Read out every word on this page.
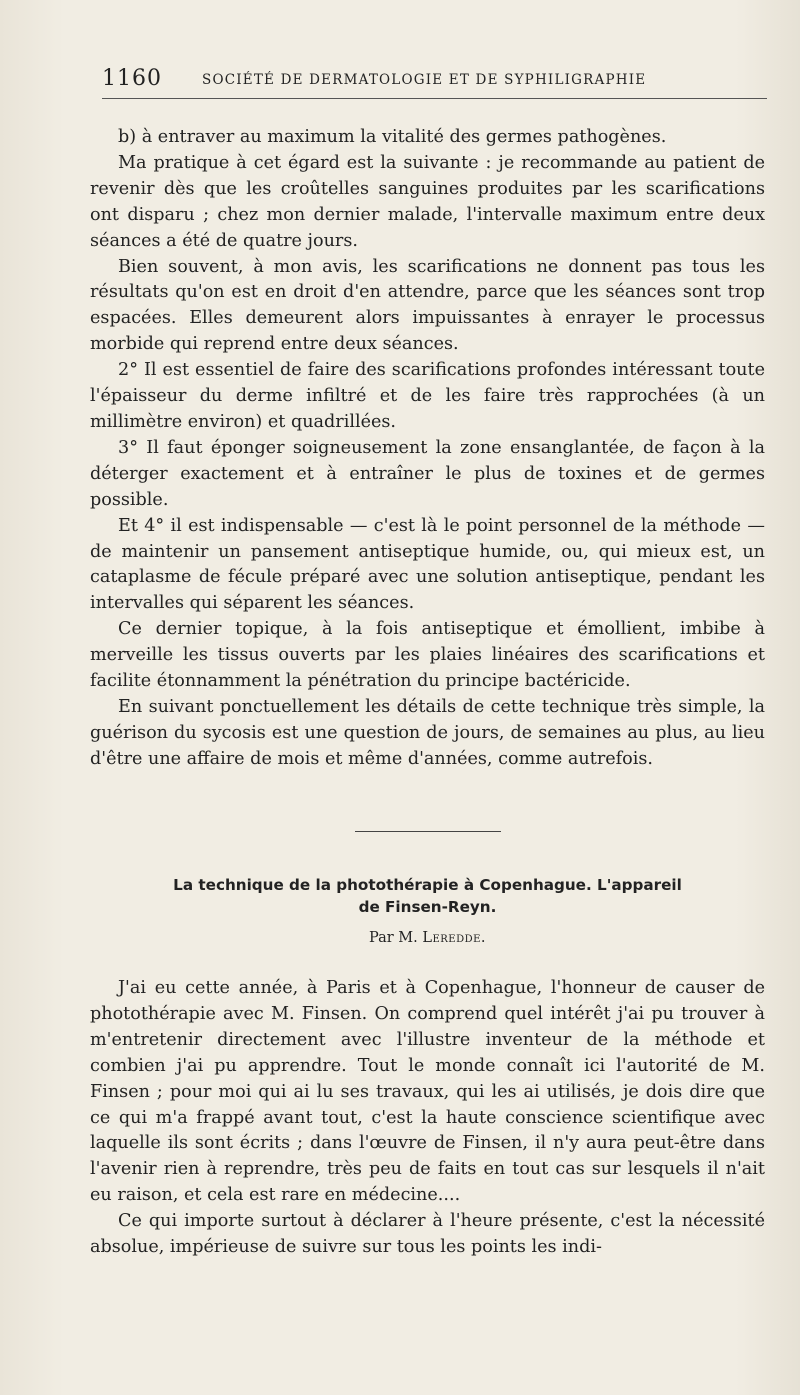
1160	SOCIÉTÉ DE DERMATOLOGIE ET DE SYPHILIGRAPHIE

b) à entraver au maximum la vitalité des germes pathogènes.

Ma pratique à cet égard est la suivante : je recommande au patient de revenir dès que les croûtelles sanguines produites par les scarifications ont disparu ; chez mon dernier malade, l'intervalle maximum entre deux séances a été de quatre jours.

Bien souvent, à mon avis, les scarifications ne donnent pas tous les résultats qu'on est en droit d'en attendre, parce que les séances sont trop espacées. Elles demeurent alors impuissantes à enrayer le processus morbide qui reprend entre deux séances.

2° Il est essentiel de faire des scarifications profondes intéressant toute l'épaisseur du derme infiltré et de les faire très rapprochées (à un millimètre environ) et quadrillées.

3° Il faut éponger soigneusement la zone ensanglantée, de façon à la déterger exactement et à entraîner le plus de toxines et de germes possible.

Et 4° il est indispensable — c'est là le point personnel de la méthode — de maintenir un pansement antiseptique humide, ou, qui mieux est, un cataplasme de fécule préparé avec une solution antiseptique, pendant les intervalles qui séparent les séances.

Ce dernier topique, à la fois antiseptique et émollient, imbibe à merveille les tissus ouverts par les plaies linéaires des scarifications et facilite étonnamment la pénétration du principe bactéricide.

En suivant ponctuellement les détails de cette technique très simple, la guérison du sycosis est une question de jours, de semaines au plus, au lieu d'être une affaire de mois et même d'années, comme autrefois.

La technique de la photothérapie à Copenhague. L'appareil
de Finsen-Reyn.
Par M. Leredde.

J'ai eu cette année, à Paris et à Copenhague, l'honneur de causer de photothérapie avec M. Finsen. On comprend quel intérêt j'ai pu trouver à m'entretenir directement avec l'illustre inventeur de la méthode et combien j'ai pu apprendre. Tout le monde connaît ici l'autorité de M. Finsen ; pour moi qui ai lu ses travaux, qui les ai utilisés, je dois dire que ce qui m'a frappé avant tout, c'est la haute conscience scientifique avec laquelle ils sont écrits ; dans l'œuvre de Finsen, il n'y aura peut-être dans l'avenir rien à reprendre, très peu de faits en tout cas sur lesquels il n'ait eu raison, et cela est rare en médecine....

Ce qui importe surtout à déclarer à l'heure présente, c'est la nécessité absolue, impérieuse de suivre sur tous les points les indi-
